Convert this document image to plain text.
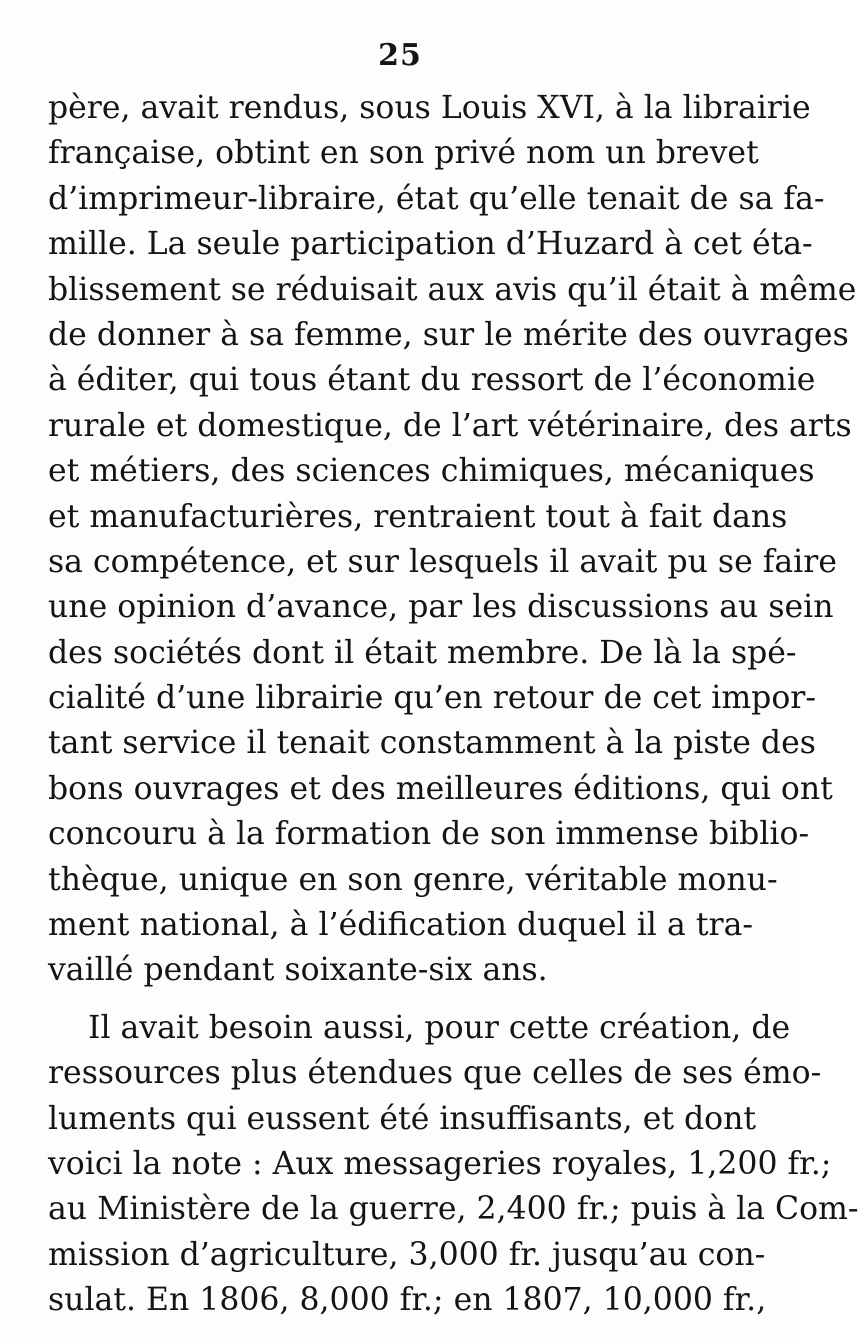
25
père, avait rendus, sous Louis XVI, à la librairie
française, obtint en son privé nom un brevet
d’imprimeur-libraire, état qu’elle tenait de sa fa-
mille. La seule participation d’Huzard à cet éta-
blissement se réduisait aux avis qu’il était à même
de donner à sa femme, sur le mérite des ouvrages
à éditer, qui tous étant du ressort de l’économie
rurale et domestique, de l’art vétérinaire, des arts
et métiers, des sciences chimiques, mécaniques
et manufacturières, rentraient tout à fait dans
sa compétence, et sur lesquels il avait pu se faire
une opinion d’avance, par les discussions au sein
des sociétés dont il était membre. De là la spé-
cialité d’une librairie qu’en retour de cet impor-
tant service il tenait constamment à la piste des
bons ouvrages et des meilleures éditions, qui ont
concouru à la formation de son immense biblio-
thèque, unique en son genre, véritable monu-
ment national, à l’édification duquel il a tra-
vaillé pendant soixante-six ans.
Il avait besoin aussi, pour cette création, de
ressources plus étendues que celles de ses émo-
luments qui eussent été insuffisants, et dont
voici la note : Aux messageries royales, 1,200 fr.;
au Ministère de la guerre, 2,400 fr.; puis à la Com-
mission d’agriculture, 3,000 fr. jusqu’au con-
sulat. En 1806, 8,000 fr.; en 1807, 10,000 fr.,
